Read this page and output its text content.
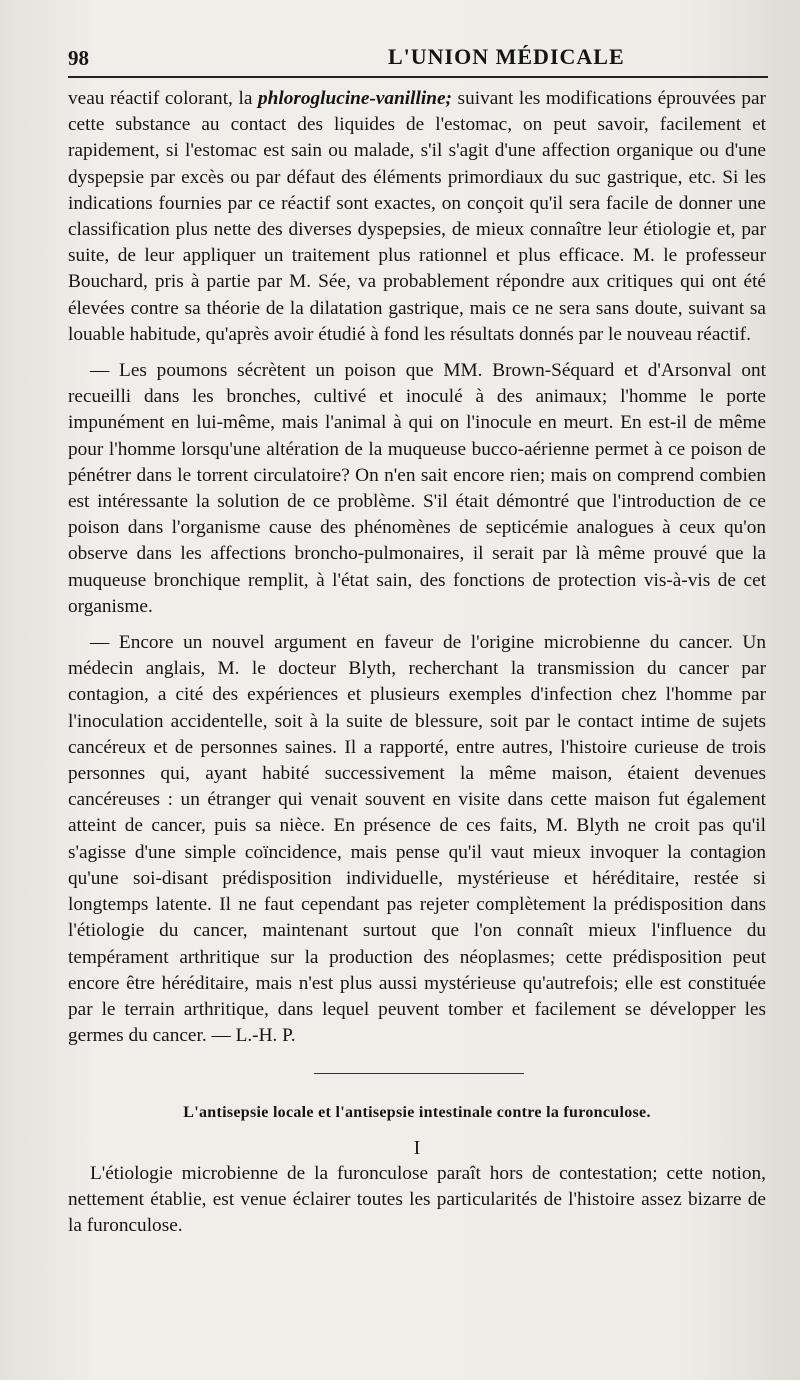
98	L'UNION MÉDICALE

veau réactif colorant, la phloroglucine-vanilline; suivant les modifications éprouvées par cette substance au contact des liquides de l'estomac, on peut savoir, facilement et rapidement, si l'estomac est sain ou malade, s'il s'agit d'une affection organique ou d'une dyspepsie par excès ou par défaut des éléments primordiaux du suc gastrique, etc. Si les indications fournies par ce réactif sont exactes, on conçoit qu'il sera facile de donner une classification plus nette des diverses dyspepsies, de mieux connaître leur étiologie et, par suite, de leur appliquer un traitement plus rationnel et plus efficace. M. le professeur Bouchard, pris à partie par M. Sée, va probablement répondre aux critiques qui ont été élevées contre sa théorie de la dilatation gastrique, mais ce ne sera sans doute, suivant sa louable habitude, qu'après avoir étudié à fond les résultats donnés par le nouveau réactif.

— Les poumons sécrètent un poison que MM. Brown-Séquard et d'Arsonval ont recueilli dans les bronches, cultivé et inoculé à des animaux; l'homme le porte impunément en lui-même, mais l'animal à qui on l'inocule en meurt. En est-il de même pour l'homme lorsqu'une altération de la muqueuse bucco-aérienne permet à ce poison de pénétrer dans le torrent circulatoire? On n'en sait encore rien; mais on comprend combien est intéressante la solution de ce problème. S'il était démontré que l'introduction de ce poison dans l'organisme cause des phénomènes de septicémie analogues à ceux qu'on observe dans les affections broncho-pulmonaires, il serait par là même prouvé que la muqueuse bronchique remplit, à l'état sain, des fonctions de protection vis-à-vis de cet organisme.

— Encore un nouvel argument en faveur de l'origine microbienne du cancer. Un médecin anglais, M. le docteur Blyth, recherchant la transmission du cancer par contagion, a cité des expériences et plusieurs exemples d'infection chez l'homme par l'inoculation accidentelle, soit à la suite de blessure, soit par le contact intime de sujets cancéreux et de personnes saines. Il a rapporté, entre autres, l'histoire curieuse de trois personnes qui, ayant habité successivement la même maison, étaient devenues cancéreuses : un étranger qui venait souvent en visite dans cette maison fut également atteint de cancer, puis sa nièce. En présence de ces faits, M. Blyth ne croit pas qu'il s'agisse d'une simple coïncidence, mais pense qu'il vaut mieux invoquer la contagion qu'une soi-disant prédisposition individuelle, mystérieuse et héréditaire, restée si longtemps latente. Il ne faut cependant pas rejeter complètement la prédisposition dans l'étiologie du cancer, maintenant surtout que l'on connaît mieux l'influence du tempérament arthritique sur la production des néoplasmes; cette prédisposition peut encore être héréditaire, mais n'est plus aussi mystérieuse qu'autrefois; elle est constituée par le terrain arthritique, dans lequel peuvent tomber et facilement se développer les germes du cancer. — L.-H. P.

L'antisepsie locale et l'antisepsie intestinale contre la furonculose.
I

L'étiologie microbienne de la furonculose paraît hors de contestation; cette notion, nettement établie, est venue éclairer toutes les particularités de l'histoire assez bizarre de la furonculose.
